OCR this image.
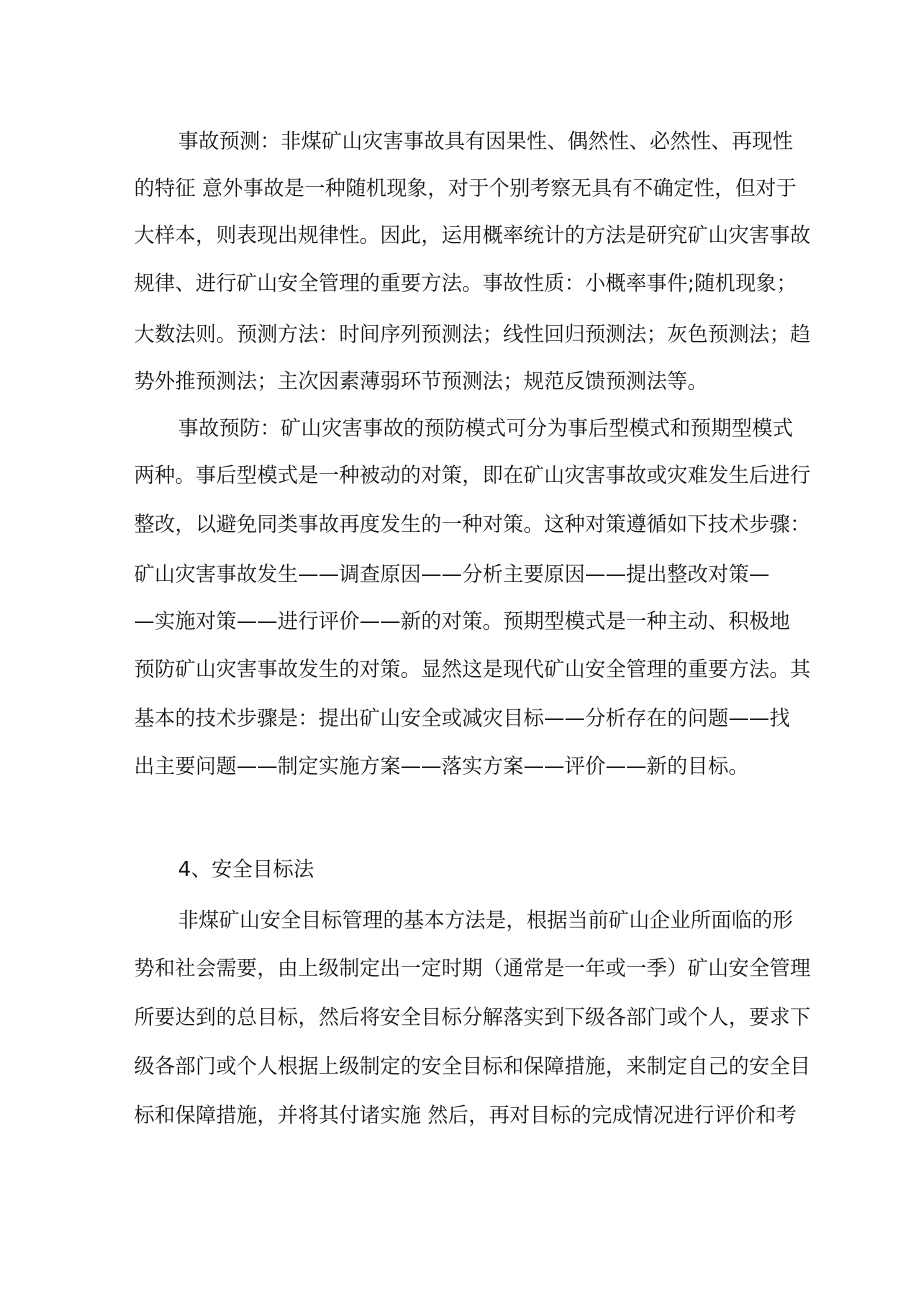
事故预测：非煤矿山灾害事故具有因果性、偶然性、必然性、再现性
的特征 意外事故是一种随机现象，对于个别考察无具有不确定性，但对于
大样本，则表现出规律性。因此，运用概率统计的方法是研究矿山灾害事故
规律、进行矿山安全管理的重要方法。事故性质：小概率事件;随机现象；
大数法则。预测方法：时间序列预测法；线性回归预测法；灰色预测法；趋
势外推预测法；主次因素薄弱环节预测法；规范反馈预测法等。
事故预防：矿山灾害事故的预防模式可分为事后型模式和预期型模式
两种。事后型模式是一种被动的对策，即在矿山灾害事故或灾难发生后进行
整改，以避免同类事故再度发生的一种对策。这种对策遵循如下技术步骤：
矿山灾害事故发生——调查原因——分析主要原因——提出整改对策—
—实施对策——进行评价——新的对策。预期型模式是一种主动、积极地
预防矿山灾害事故发生的对策。显然这是现代矿山安全管理的重要方法。其
基本的技术步骤是：提出矿山安全或减灾目标——分析存在的问题——找
出主要问题——制定实施方案——落实方案——评价——新的目标。
4、安全目标法
非煤矿山安全目标管理的基本方法是，根据当前矿山企业所面临的形
势和社会需要，由上级制定出一定时期（通常是一年或一季）矿山安全管理
所要达到的总目标，然后将安全目标分解落实到下级各部门或个人，要求下
级各部门或个人根据上级制定的安全目标和保障措施，来制定自己的安全目
标和保障措施，并将其付诸实施 然后，再对目标的完成情况进行评价和考
